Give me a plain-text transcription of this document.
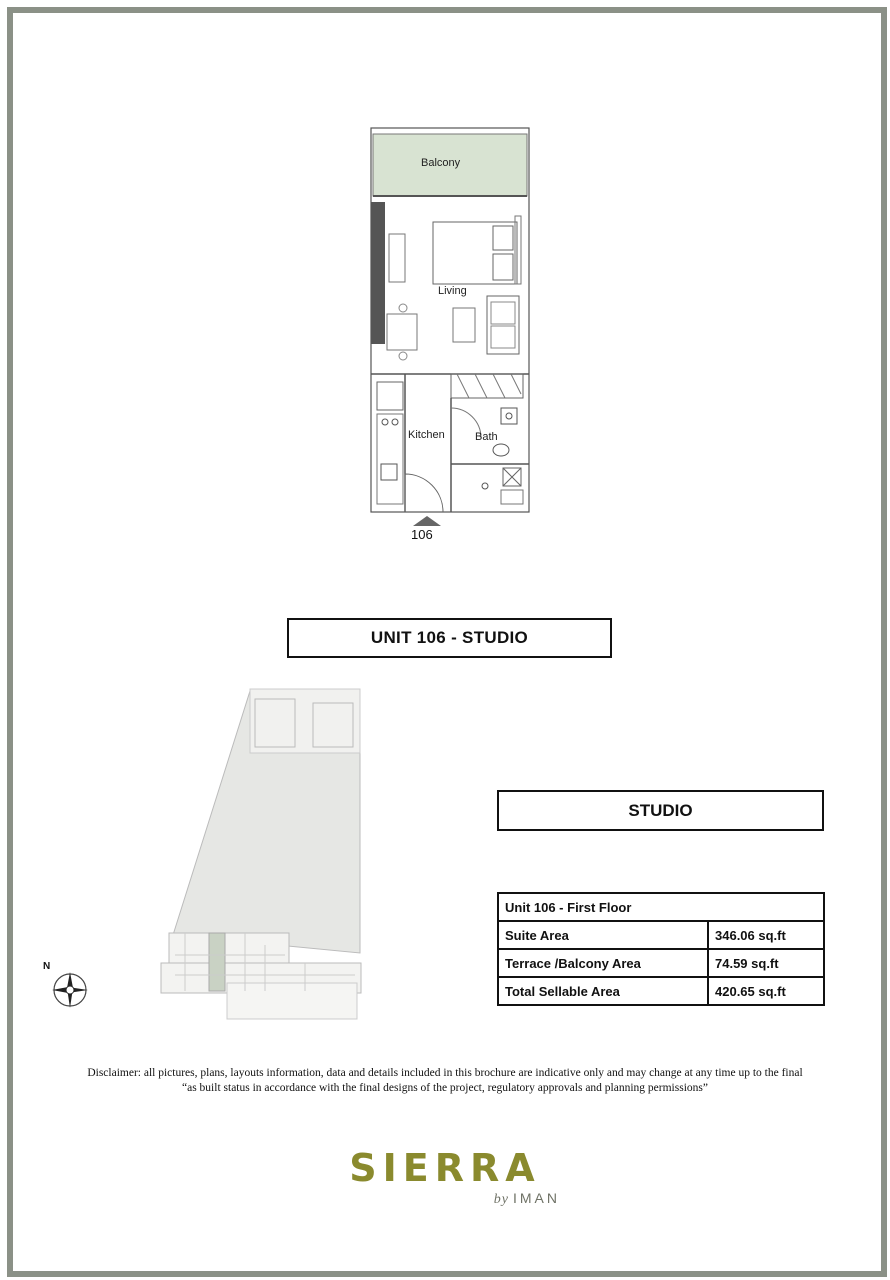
Balcony
Living
Kitchen	Bath
106
UNIT 106 - STUDIO
N
STUDIO
Unit 106 - First Floor	
Suite Area	346.06 sq.ft
Terrace /Balcony Area	74.59 sq.ft
Total Sellable Area	420.65 sq.ft
Disclaimer: all pictures, plans, layouts information, data and details included in this brochure are indicative only and may change at any time up to the final
“as built status in accordance with the final designs of the project, regulatory approvals and planning permissions”
SIERRA
by IMAN
